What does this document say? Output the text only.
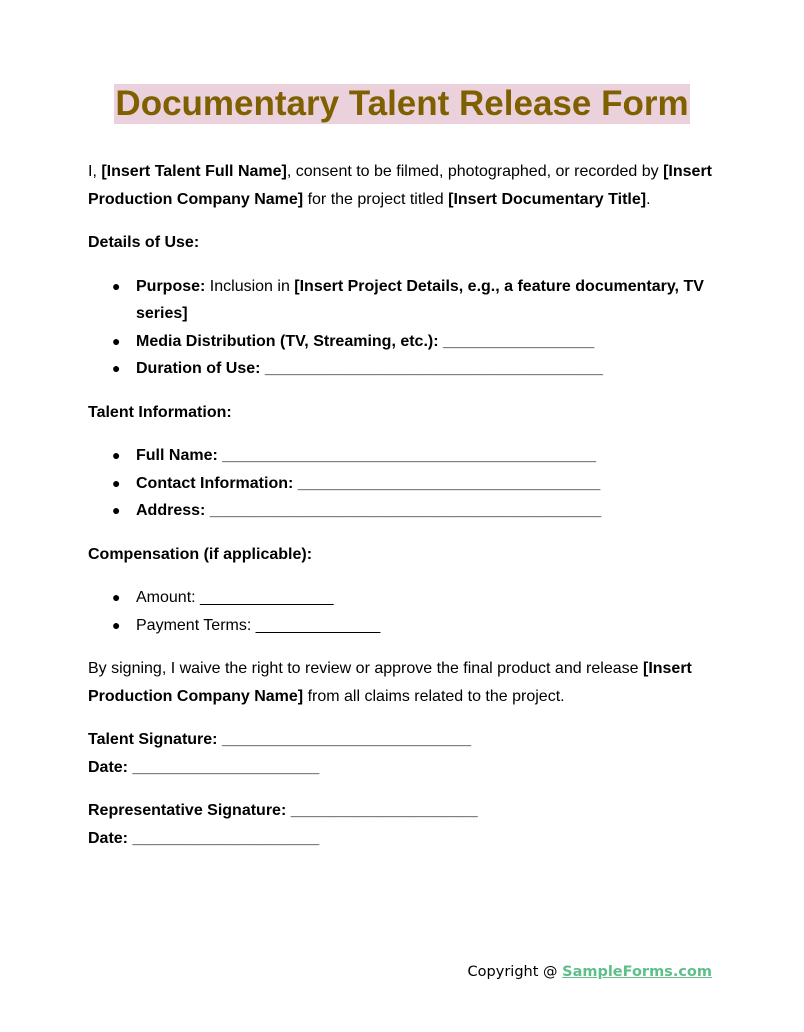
Documentary Talent Release Form

I, [Insert Talent Full Name], consent to be filmed, photographed, or recorded by [Insert Production Company Name] for the project titled [Insert Documentary Title].

Details of Use:

● Purpose: Inclusion in [Insert Project Details, e.g., a feature documentary, TV series]
● Media Distribution (TV, Streaming, etc.): _________________
● Duration of Use: ______________________________________

Talent Information:

● Full Name: __________________________________________
● Contact Information: __________________________________
● Address: ____________________________________________

Compensation (if applicable):

● Amount: _______________
● Payment Terms: ______________

By signing, I waive the right to review or approve the final product and release [Insert Production Company Name] from all claims related to the project.

Talent Signature: ____________________________

Date: _____________________

Representative Signature: _____________________

Date: _____________________

Copyright @ SampleForms.com
